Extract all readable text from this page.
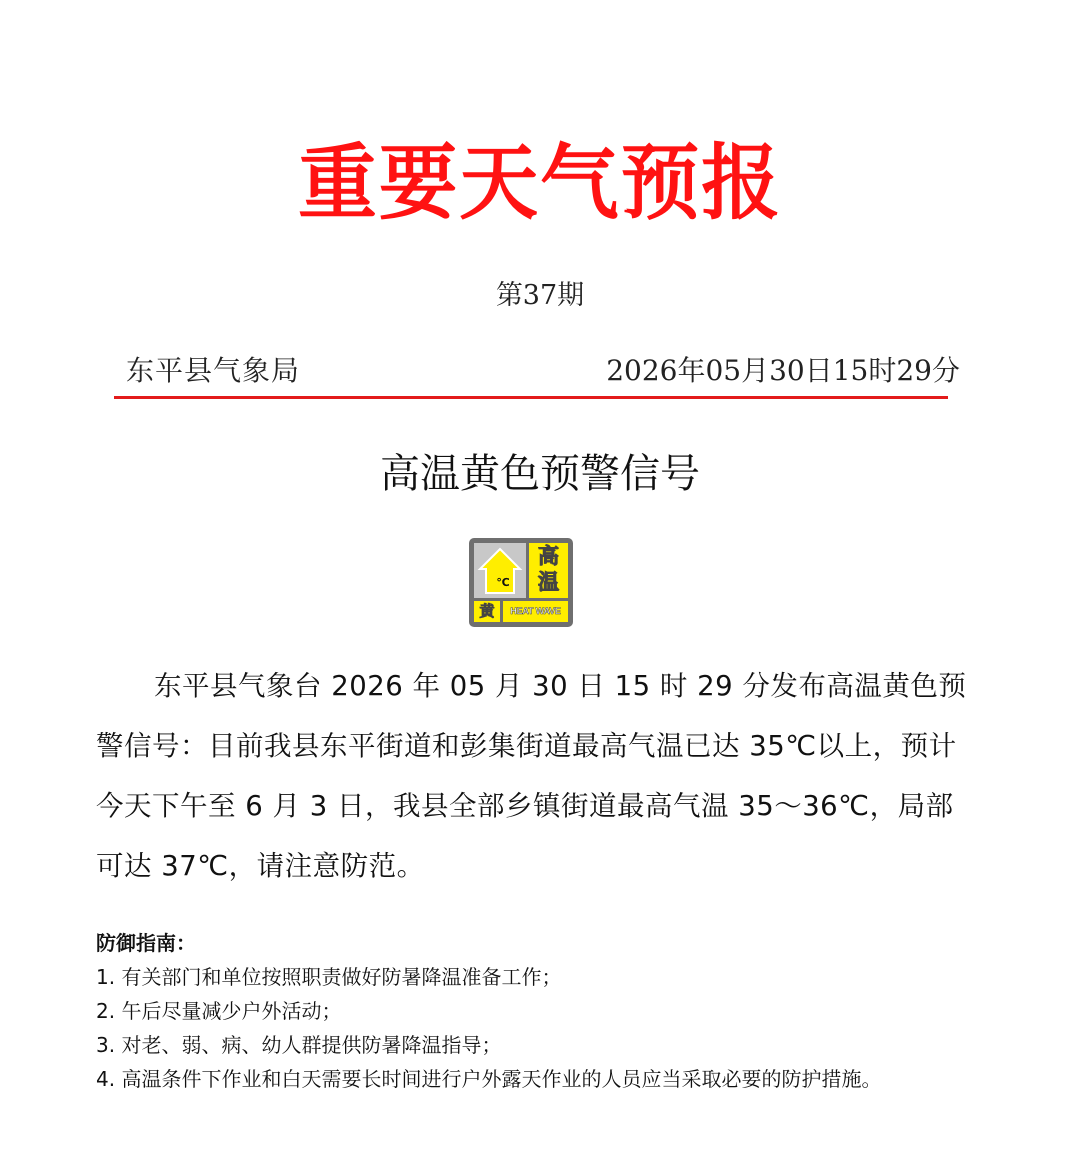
重要天气预报
第37期
东平县气象局	2026年05月30日15时29分
高温黄色预警信号
℃
高
温
黄	HEAT WAVE

东平县气象台 2026 年 05 月 30 日 15 时 29 分发布高温黄色预警信号：目前我县东平街道和彭集街道最高气温已达 35℃以上，预计今天下午至 6 月 3 日，我县全部乡镇街道最高气温 35～36℃，局部可达 37℃，请注意防范。

防御指南：
1. 有关部门和单位按照职责做好防暑降温准备工作；
2. 午后尽量减少户外活动；
3. 对老、弱、病、幼人群提供防暑降温指导；
4. 高温条件下作业和白天需要长时间进行户外露天作业的人员应当采取必要的防护措施。
